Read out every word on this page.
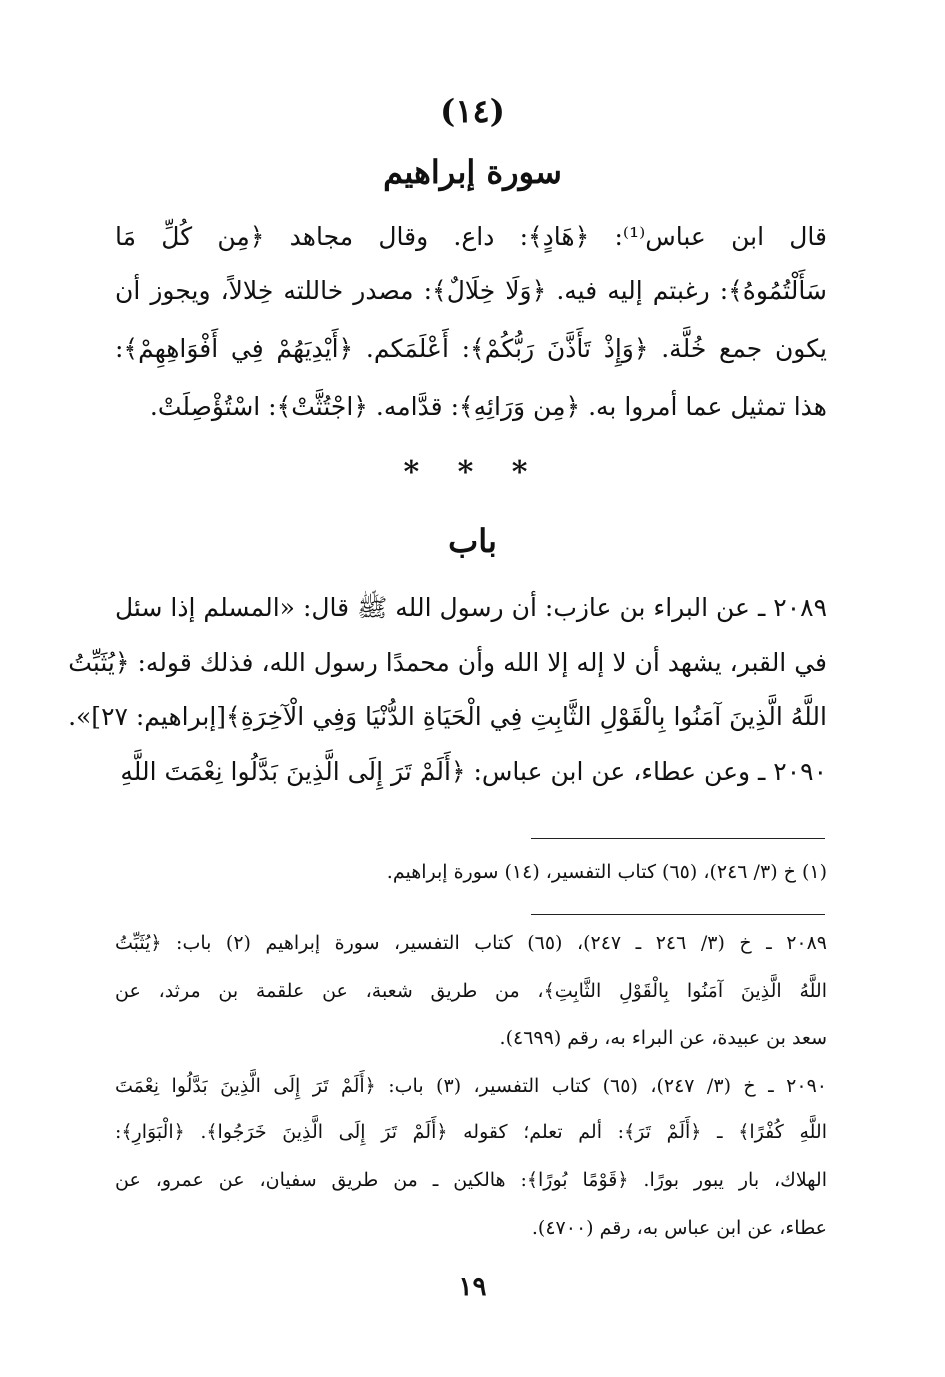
(١٤)
سورة إبراهيم
قال ابن عباس⁽¹⁾: ﴿هَادٍ﴾: داع. وقال مجاهد ﴿مِن كُلِّ مَا
سَأَلْتُمُوهُ﴾: رغبتم إليه فيه. ﴿وَلَا خِلَالٌ﴾: مصدر خاللته خِلالاً، ويجوز أن
يكون جمع خُلَّة. ﴿وَإِذْ تَأَذَّنَ رَبُّكُمْ﴾: أَعْلَمَكم. ﴿أَيْدِيَهُمْ فِي أَفْوَاهِهِمْ﴾:
هذا تمثيل عما أمروا به. ﴿مِن وَرَائِهِ﴾: قدَّامه. ﴿اجْتُثَّتْ﴾: اسْتُؤْصِلَتْ.
* * *
باب
٢٠٨٩ ـ عن البراء بن عازب: أن رسول الله ﷺ قال: «المسلم إذا سئل
في القبر، يشهد أن لا إله إلا الله وأن محمدًا رسول الله، فذلك قوله: ﴿يُثَبِّتُ
اللَّهُ الَّذِينَ آمَنُوا بِالْقَوْلِ الثَّابِتِ فِي الْحَيَاةِ الدُّنْيَا وَفِي الْآخِرَةِ﴾[إبراهيم: ٢٧]».
٢٠٩٠ ـ وعن عطاء، عن ابن عباس: ﴿أَلَمْ تَرَ إِلَى الَّذِينَ بَدَّلُوا نِعْمَتَ اللَّهِ
(١) خ (٣/ ٢٤٦)، (٦٥) كتاب التفسير، (١٤) سورة إبراهيم.
٢٠٨٩ ـ خ (٣/ ٢٤٦ ـ ٢٤٧)، (٦٥) كتاب التفسير، سورة إبراهيم (٢) باب: ﴿يُثَبِّتُ
اللَّهُ الَّذِينَ آمَنُوا بِالْقَوْلِ الثَّابِتِ﴾، من طريق شعبة، عن علقمة بن مرثد، عن
سعد بن عبيدة، عن البراء به، رقم (٤٦٩٩).
٢٠٩٠ ـ خ (٣/ ٢٤٧)، (٦٥) كتاب التفسير، (٣) باب: ﴿أَلَمْ تَرَ إِلَى الَّذِينَ بَدَّلُوا نِعْمَتَ
اللَّهِ كُفْرًا﴾ ـ ﴿أَلَمْ تَرَ﴾: ألم تعلم؛ كقوله ﴿أَلَمْ تَرَ إِلَى الَّذِينَ خَرَجُوا﴾. ﴿الْبَوَارِ﴾:
الهلاك، بار يبور بورًا. ﴿قَوْمًا بُورًا﴾: هالكين ـ من طريق سفيان، عن عمرو، عن
عطاء، عن ابن عباس به، رقم (٤٧٠٠).
١٩
